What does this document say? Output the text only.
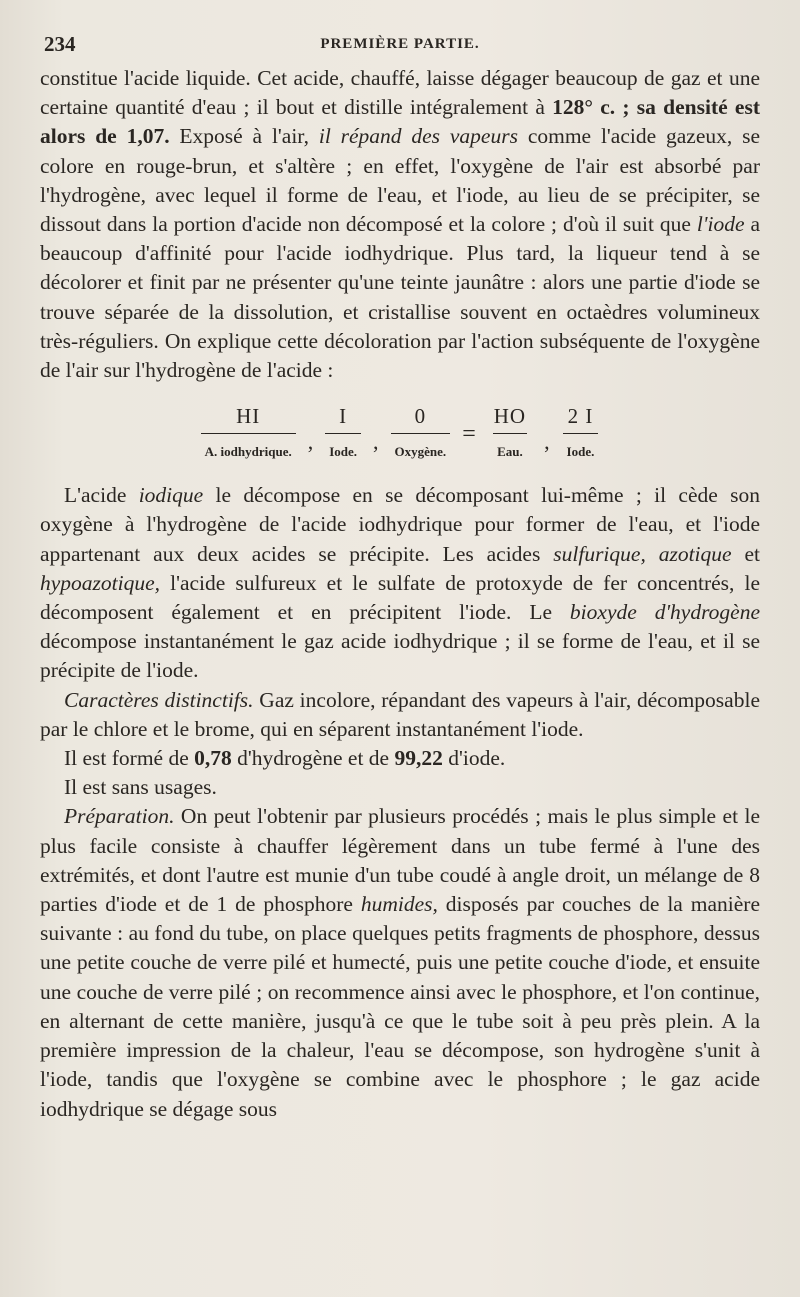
234	PREMIÈRE PARTIE.

constitue l'acide liquide. Cet acide, chauffé, laisse dégager beaucoup de gaz et une certaine quantité d'eau ; il bout et distille intégralement à 128° c. ; sa densité est alors de 1,07. Exposé à l'air, il répand des vapeurs comme l'acide gazeux, se colore en rouge-brun, et s'altère ; en effet, l'oxygène de l'air est absorbé par l'hydrogène, avec lequel il forme de l'eau, et l'iode, au lieu de se précipiter, se dissout dans la portion d'acide non décomposé et la colore ; d'où il suit que l'iode a beaucoup d'affinité pour l'acide iodhydrique. Plus tard, la liqueur tend à se décolorer et finit par ne présenter qu'une teinte jaunâtre : alors une partie d'iode se trouve séparée de la dissolution, et cristallise souvent en octaèdres volumineux très-réguliers. On explique cette décoloration par l'action subséquente de l'oxygène de l'air sur l'hydrogène de l'acide :

$\frac{HI}{\text{A. iodhydrique.}}$ , $\frac{I}{\text{Iode.}}$ , $\frac{0}{\text{Oxygène.}} = \frac{HO}{\text{Eau.}}$ , $\frac{2 I}{\text{Iode.}}$

L'acide iodique le décompose en se décomposant lui-même ; il cède son oxygène à l'hydrogène de l'acide iodhydrique pour former de l'eau, et l'iode appartenant aux deux acides se précipite. Les acides sulfurique, azotique et hypoazotique, l'acide sulfureux et le sulfate de protoxyde de fer concentrés, le décomposent également et en précipitent l'iode. Le bioxyde d'hydrogène décompose instantanément le gaz acide iodhydrique ; il se forme de l'eau, et il se précipite de l'iode.

Caractères distinctifs. Gaz incolore, répandant des vapeurs à l'air, décomposable par le chlore et le brome, qui en séparent instantanément l'iode.

Il est formé de 0,78 d'hydrogène et de 99,22 d'iode.

Il est sans usages.

Préparation. On peut l'obtenir par plusieurs procédés ; mais le plus simple et le plus facile consiste à chauffer légèrement dans un tube fermé à l'une des extrémités, et dont l'autre est munie d'un tube coudé à angle droit, un mélange de 8 parties d'iode et de 1 de phosphore humides, disposés par couches de la manière suivante : au fond du tube, on place quelques petits fragments de phosphore, dessus une petite couche de verre pilé et humecté, puis une petite couche d'iode, et ensuite une couche de verre pilé ; on recommence ainsi avec le phosphore, et l'on continue, en alternant de cette manière, jusqu'à ce que le tube soit à peu près plein. A la première impression de la chaleur, l'eau se décompose, son hydrogène s'unit à l'iode, tandis que l'oxygène se combine avec le phosphore ; le gaz acide iodhydrique se dégage sous
